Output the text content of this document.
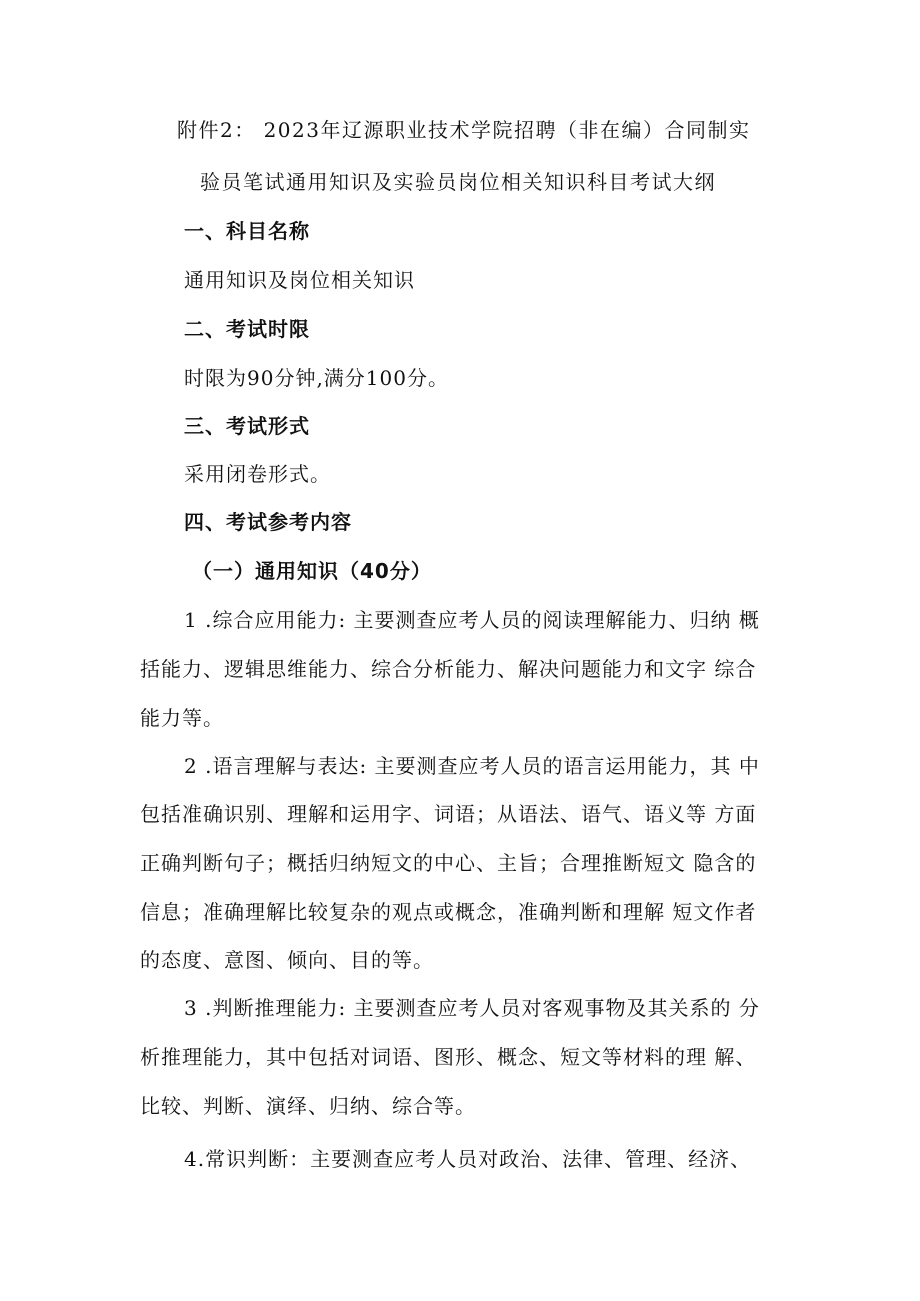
附件2： 2023年辽源职业技术学院招聘（非在编）合同制实
验员笔试通用知识及实验员岗位相关知识科目考试大纲
一、科目名称
通用知识及岗位相关知识
二、考试时限
时限为90分钟,满分100分。
三、考试形式
采用闭卷形式。
四、考试参考内容
（一）通用知识（40分）
1 .综合应用能力: 主要测查应考人员的阅读理解能力、归纳 概
括能力、逻辑思维能力、综合分析能力、解决问题能力和文字 综合
能力等。
2 .语言理解与表达: 主要测查应考人员的语言运用能力，其 中
包括准确识别、理解和运用字、词语；从语法、语气、语义等 方面
正确判断句子；概括归纳短文的中心、主旨；合理推断短文 隐含的
信息；准确理解比较复杂的观点或概念，准确判断和理解 短文作者
的态度、意图、倾向、目的等。
3 .判断推理能力: 主要测查应考人员对客观事物及其关系的 分
析推理能力，其中包括对词语、图形、概念、短文等材料的理 解、
比较、判断、演绎、归纳、综合等。
4.常识判断：主要测查应考人员对政治、法律、管理、经济、
